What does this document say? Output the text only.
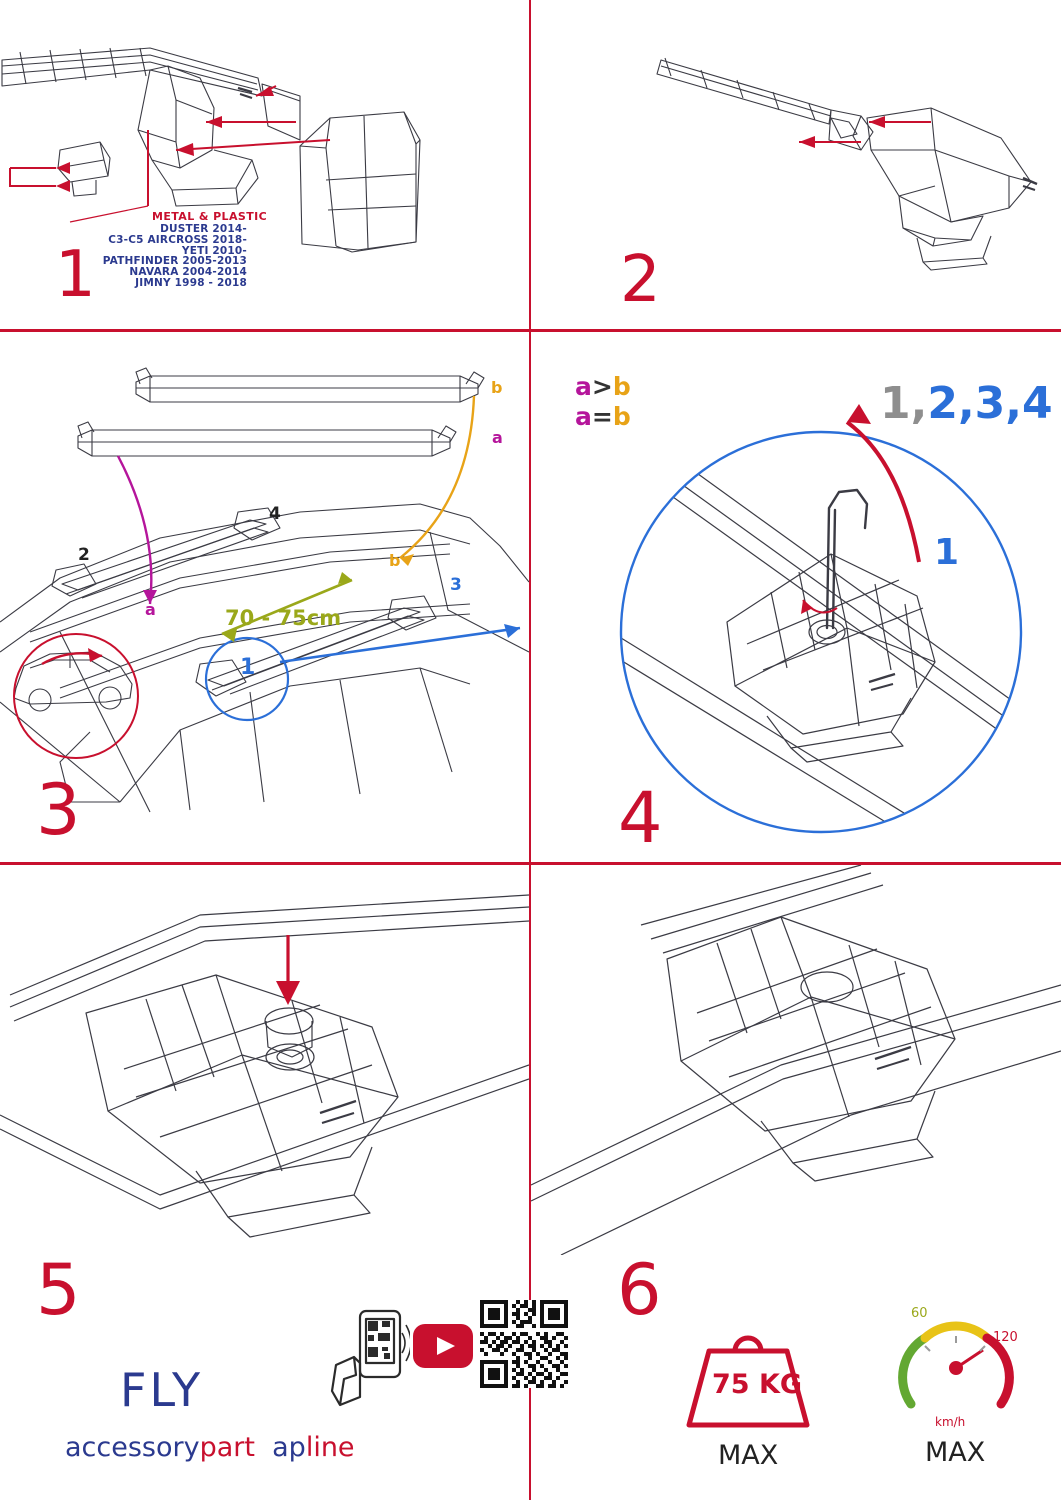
METAL & PLASTIC
DUSTER 2014-
C3-C5 AIRCROSS 2018-
YETI 2010-
PATHFINDER 2005-2013
NAVARA 2004-2014
JIMNY 1998 - 2018
1	2
a>b
a=b
b
a
b
a
2
4
3
1
70 - 75cm
3
1,2,3,4
1
4
5
FLY
accessorypart apline
6
75 KG
MAX
60
120
km/h
MAX
